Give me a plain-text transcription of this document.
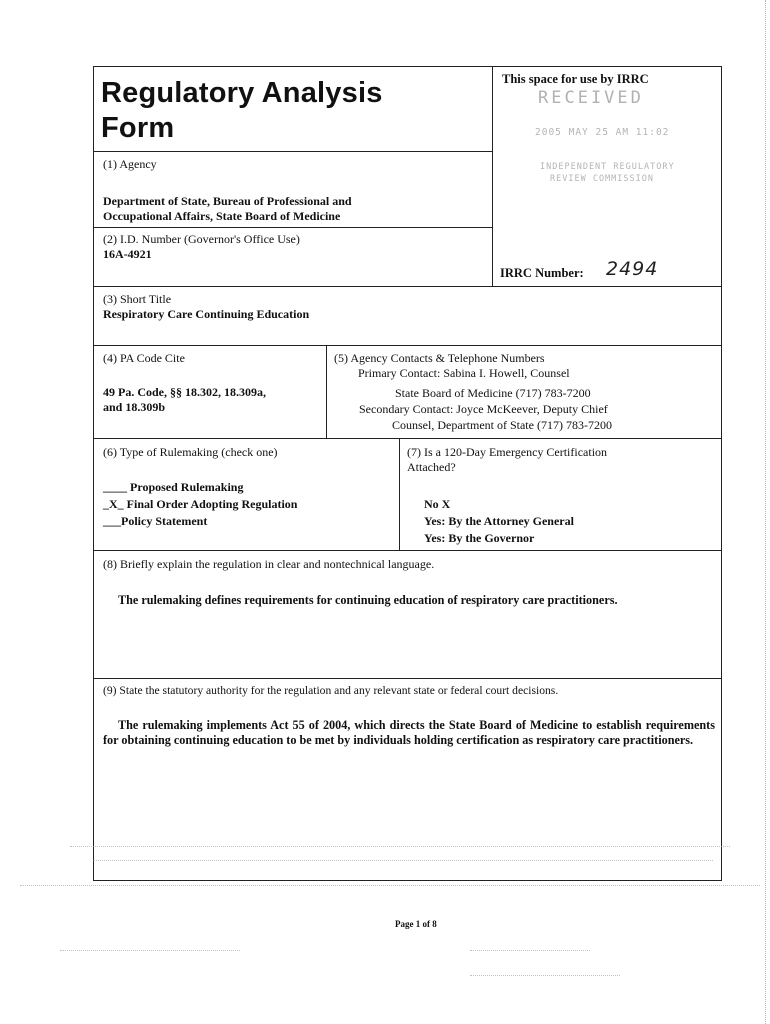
Regulatory Analysis
Form
This space for use by IRRC
RECEIVED
2005 MAY 25 AM 11:02
INDEPENDENT REGULATORY
REVIEW COMMISSION
IRRC Number: 2494
(1) Agency
Department of State, Bureau of Professional and
Occupational Affairs, State Board of Medicine
(2) I.D. Number (Governor's Office Use)
16A-4921
(3) Short Title
Respiratory Care Continuing Education
(4) PA Code Cite
49 Pa. Code, §§ 18.302, 18.309a,
and 18.309b
(5) Agency Contacts & Telephone Numbers
Primary Contact: Sabina I. Howell, Counsel
State Board of Medicine (717) 783-7200
Secondary Contact: Joyce McKeever, Deputy Chief
Counsel, Department of State (717) 783-7200
(6) Type of Rulemaking (check one)
____ Proposed Rulemaking
_X_ Final Order Adopting Regulation
___Policy Statement
(7) Is a 120-Day Emergency Certification
Attached?
No X
Yes: By the Attorney General
Yes: By the Governor
(8) Briefly explain the regulation in clear and nontechnical language.
The rulemaking defines requirements for continuing education of respiratory care practitioners.
(9) State the statutory authority for the regulation and any relevant state or federal court decisions.
The rulemaking implements Act 55 of 2004, which directs the State Board of Medicine to establish requirements for obtaining continuing education to be met by individuals holding certification as respiratory care practitioners.
Page 1 of 8
